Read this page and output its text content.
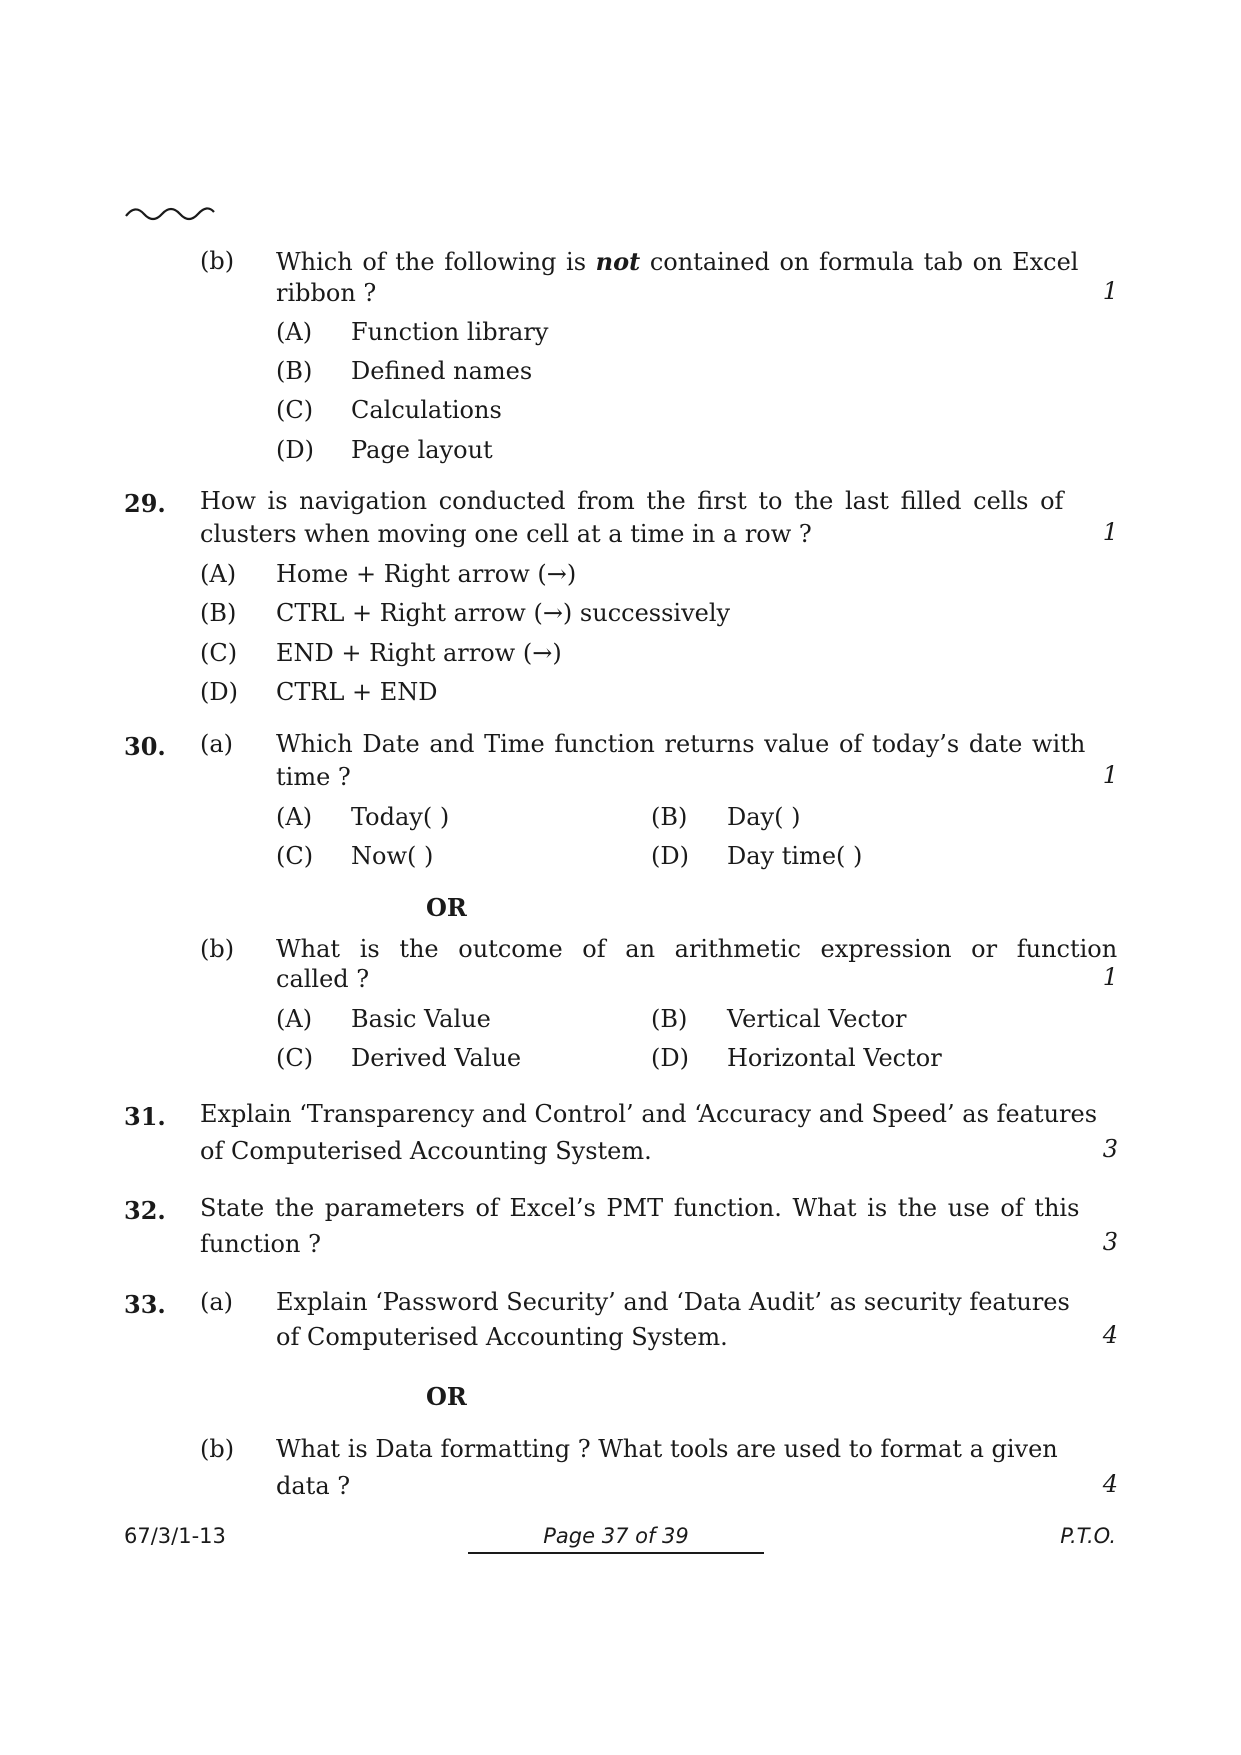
(b) Which of the following is not contained on formula tab on Excel
ribbon ?	1
(A) Function library
(B) Defined names
(C) Calculations
(D) Page layout
29. How is navigation conducted from the first to the last filled cells of
clusters when moving one cell at a time in a row ?	1
(A) Home + Right arrow (→)
(B) CTRL + Right arrow (→) successively
(C) END + Right arrow (→)
(D) CTRL + END
30. (a) Which Date and Time function returns value of today’s date with
time ?	1
(A) Today( )	(B) Day( )
(C) Now( )	(D) Day time( )
OR
(b) What is the outcome of an arithmetic expression or function
called ?	1
(A) Basic Value	(B) Vertical Vector
(C) Derived Value	(D) Horizontal Vector
31. Explain ‘Transparency and Control’ and ‘Accuracy and Speed’ as features
of Computerised Accounting System.	3
32. State the parameters of Excel’s PMT function. What is the use of this
function ?	3
33. (a) Explain ‘Password Security’ and ‘Data Audit’ as security features
of Computerised Accounting System.	4
OR
(b) What is Data formatting ? What tools are used to format a given
data ?	4
67/3/1-13	Page 37 of 39	P.T.O.
